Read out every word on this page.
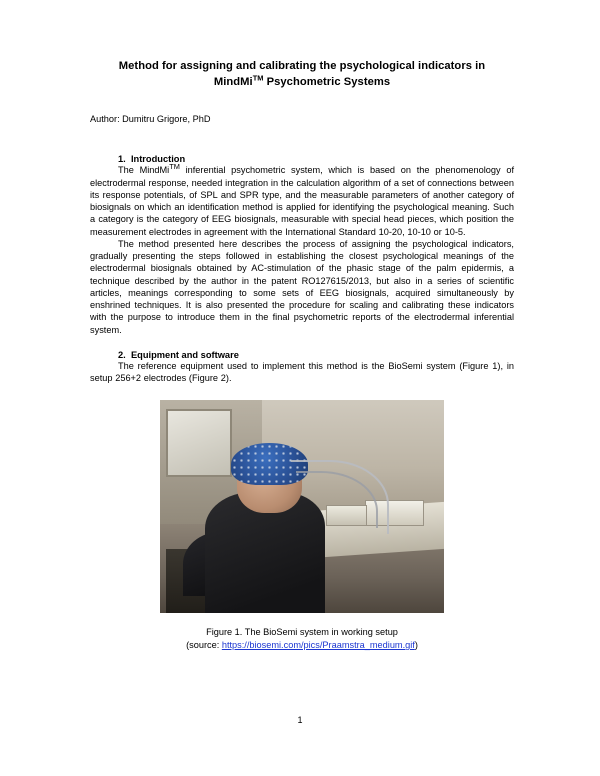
Method for assigning and calibrating the psychological indicators in
MindMi™ Psychometric Systems

Author: Dumitru Grigore, PhD

1. Introduction

The MindMi™ inferential psychometric system, which is based on the phenomenology of electrodermal response, needed integration in the calculation algorithm of a set of connections between its response potentials, of SPL and SPR type, and the measurable parameters of another category of biosignals on which an identification method is applied for identifying the psychological meaning. Such a category is the category of EEG biosignals, measurable with special head pieces, which position the measurement electrodes in agreement with the International Standard 10-20, 10-10 or 10-5.

The method presented here describes the process of assigning the psychological indicators, gradually presenting the steps followed in establishing the closest psychological meanings of the electrodermal biosignals obtained by AC-stimulation of the phasic stage of the palm epidermis, a technique described by the author in the patent RO127615/2013, but also in a series of scientific articles, meanings corresponding to some sets of EEG biosignals, acquired simultaneously by enshrined techniques. It is also presented the procedure for scaling and calibrating these indicators with the purpose to introduce them in the final psychometric reports of the electrodermal inferential system.

2. Equipment and software

The reference equipment used to implement this method is the BioSemi system (Figure 1), in setup 256+2 electrodes (Figure 2).

Figure 1. The BioSemi system in working setup
(source: https://biosemi.com/pics/Praamstra_medium.gif)
1
